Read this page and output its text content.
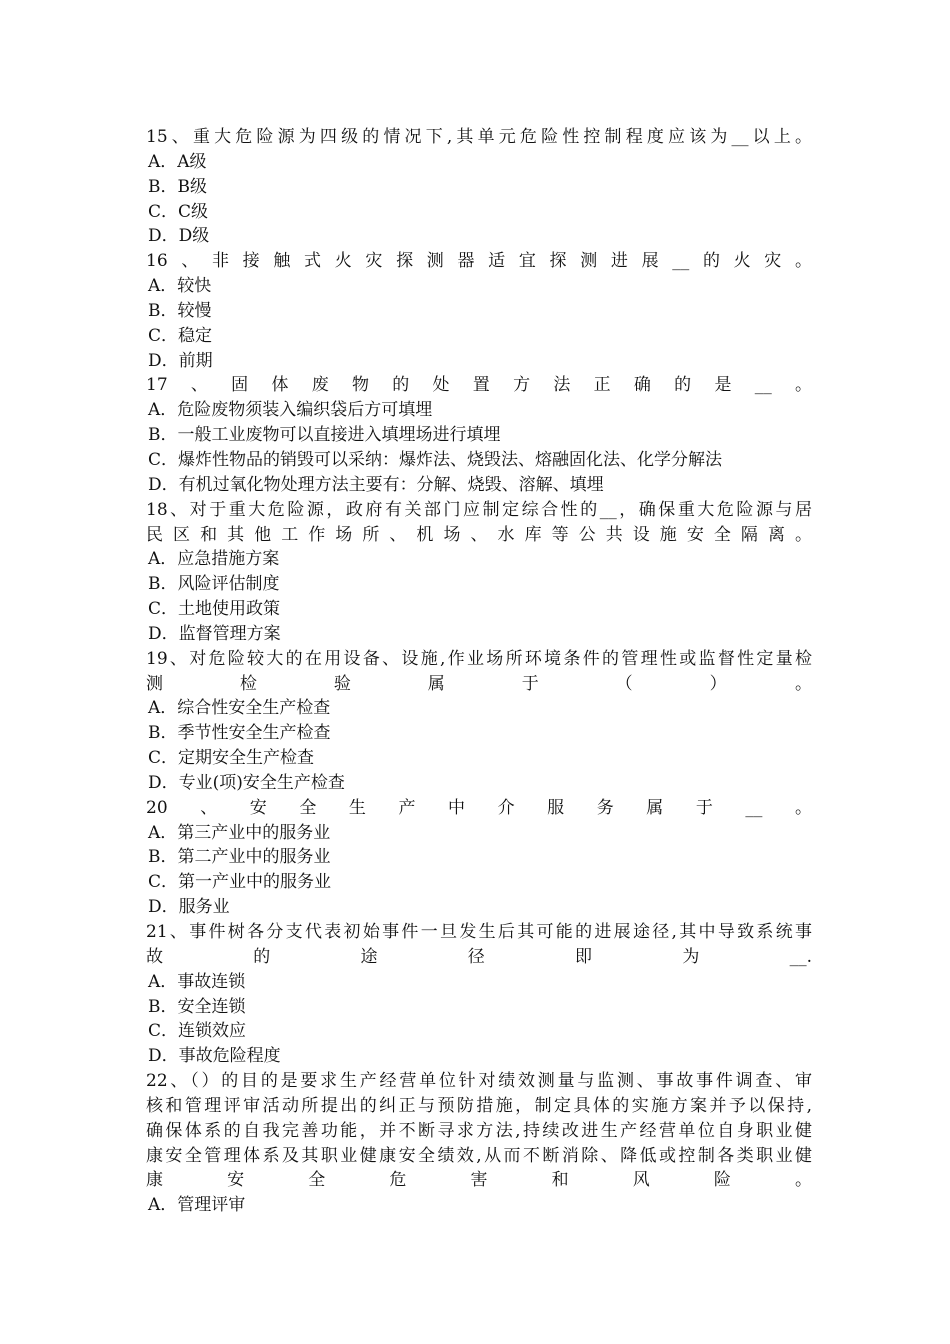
15、重大危险源为四级的情况下,其单元危险性控制程度应该为__以上。
A．A级
B．B级
C．C级
D．D级
16、非接触式火灾探测器适宜探测进展__的火灾。
A．较快
B．较慢
C．稳定
D．前期
17、固体废物的处置方法正确的是__。
A．危险废物须装入编织袋后方可填埋
B．一般工业废物可以直接进入填埋场进行填埋
C．爆炸性物品的销毁可以采纳：爆炸法、烧毁法、熔融固化法、化学分解法
D．有机过氧化物处理方法主要有：分解、烧毁、溶解、填埋
18、对于重大危险源，政府有关部门应制定综合性的__，确保重大危险源与居
民区和其他工作场所、机场、水库等公共设施安全隔离。
A．应急措施方案
B．风险评估制度
C．土地使用政策
D．监督管理方案
19、对危险较大的在用设备、设施,作业场所环境条件的管理性或监督性定量检
测检验属于（）。
A．综合性安全生产检查
B．季节性安全生产检查
C．定期安全生产检查
D．专业(项)安全生产检查
20、安全生产中介服务属于__。
A．第三产业中的服务业
B．第二产业中的服务业
C．第一产业中的服务业
D．服务业
21、事件树各分支代表初始事件一旦发生后其可能的进展途径,其中导致系统事
故的途径即为__.
A．事故连锁
B．安全连锁
C．连锁效应
D．事故危险程度
22、（）的目的是要求生产经营单位针对绩效测量与监测、事故事件调查、审
核和管理评审活动所提出的纠正与预防措施，制定具体的实施方案并予以保持,
确保体系的自我完善功能，并不断寻求方法,持续改进生产经营单位自身职业健
康安全管理体系及其职业健康安全绩效,从而不断消除、降低或控制各类职业健
康安全危害和风险。
A．管理评审
